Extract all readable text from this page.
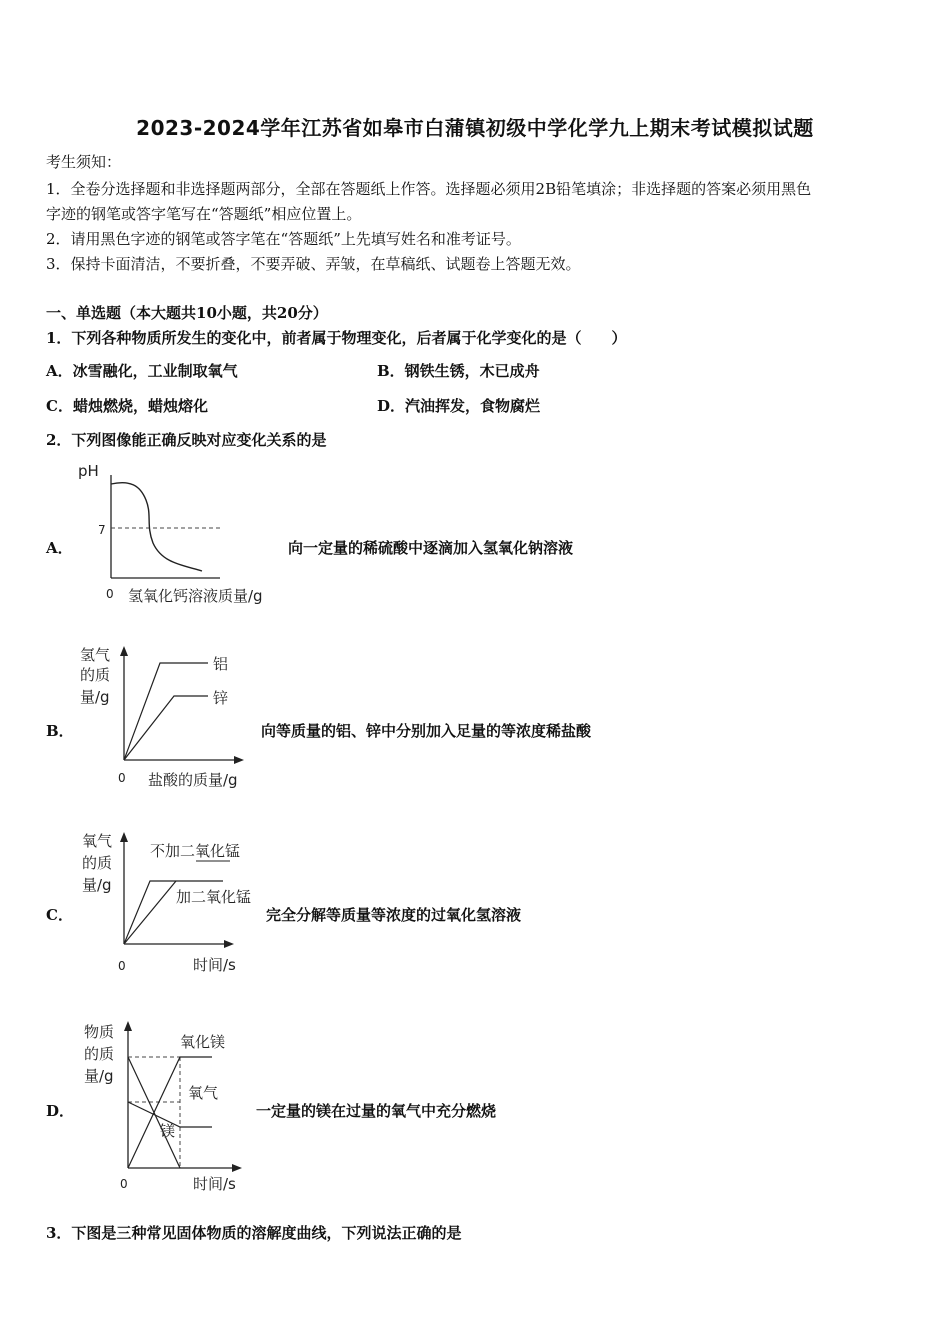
2023-2024学年江苏省如皋市白蒲镇初级中学化学九上期末考试模拟试题
考生须知：
1．全卷分选择题和非选择题两部分，全部在答题纸上作答。选择题必须用2B铅笔填涂；非选择题的答案必须用黑色
字迹的钢笔或答字笔写在“答题纸”相应位置上。
2．请用黑色字迹的钢笔或答字笔在“答题纸”上先填写姓名和准考证号。
3．保持卡面清洁，不要折叠，不要弄破、弄皱，在草稿纸、试题卷上答题无效。
一、单选题（本大题共10小题，共20分）
1．下列各种物质所发生的变化中，前者属于物理变化，后者属于化学变化的是（　　）
A．冰雪融化，工业制取氧气	B．钢铁生锈，木已成舟
C．蜡烛燃烧，蜡烛熔化	D．汽油挥发，食物腐烂
2．下列图像能正确反映对应变化关系的是
A．
pH
7
0 氢氧化钙溶液质量/g
向一定量的稀硫酸中逐滴加入氢氧化钠溶液
B．
氢气
的质
量/g
铝
锌
0 盐酸的质量/g
向等质量的铝、锌中分别加入足量的等浓度稀盐酸
C．
氧气
的质
量/g
不加二氧化锰
加二氧化锰
0	时间/s
完全分解等质量等浓度的过氧化氢溶液
D．
物质
的质
量/g
氧化镁
氧气
镁
0	时间/s
一定量的镁在过量的氧气中充分燃烧
3．下图是三种常见固体物质的溶解度曲线，下列说法正确的是
